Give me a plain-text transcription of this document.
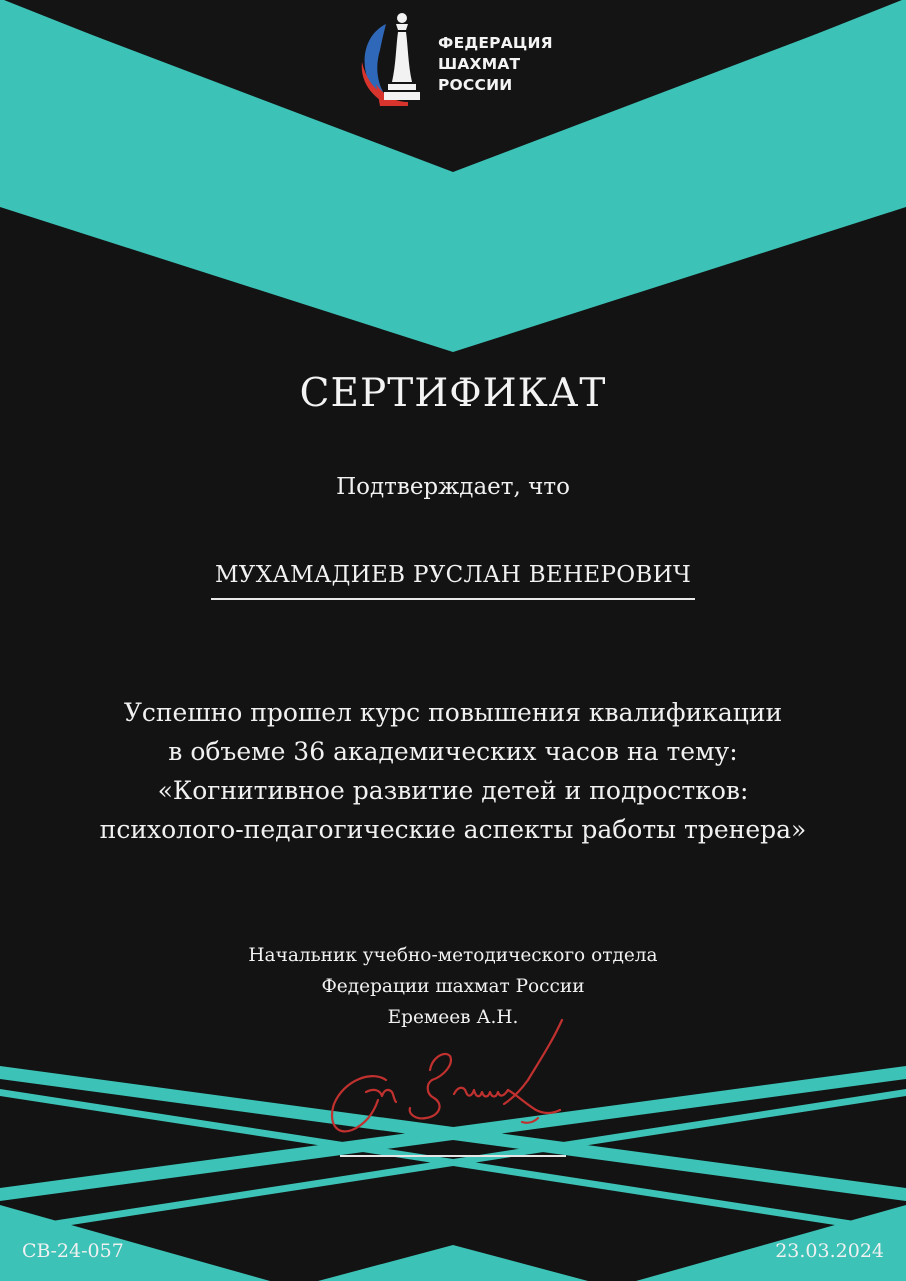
ФЕДЕРАЦИЯ
ШАХМАТ
РОССИИ
СЕРТИФИКАТ
Подтверждает, что
МУХАМАДИЕВ РУСЛАН ВЕНЕРОВИЧ
Успешно прошел курс повышения квалификации
в объеме 36 академических часов на тему:
«Когнитивное развитие детей и подростков:
психолого-педагогические аспекты работы тренера»
Начальник учебно-методического отдела
Федерации шахмат России
Еремеев А.Н.
СВ-24-057	23.03.2024
